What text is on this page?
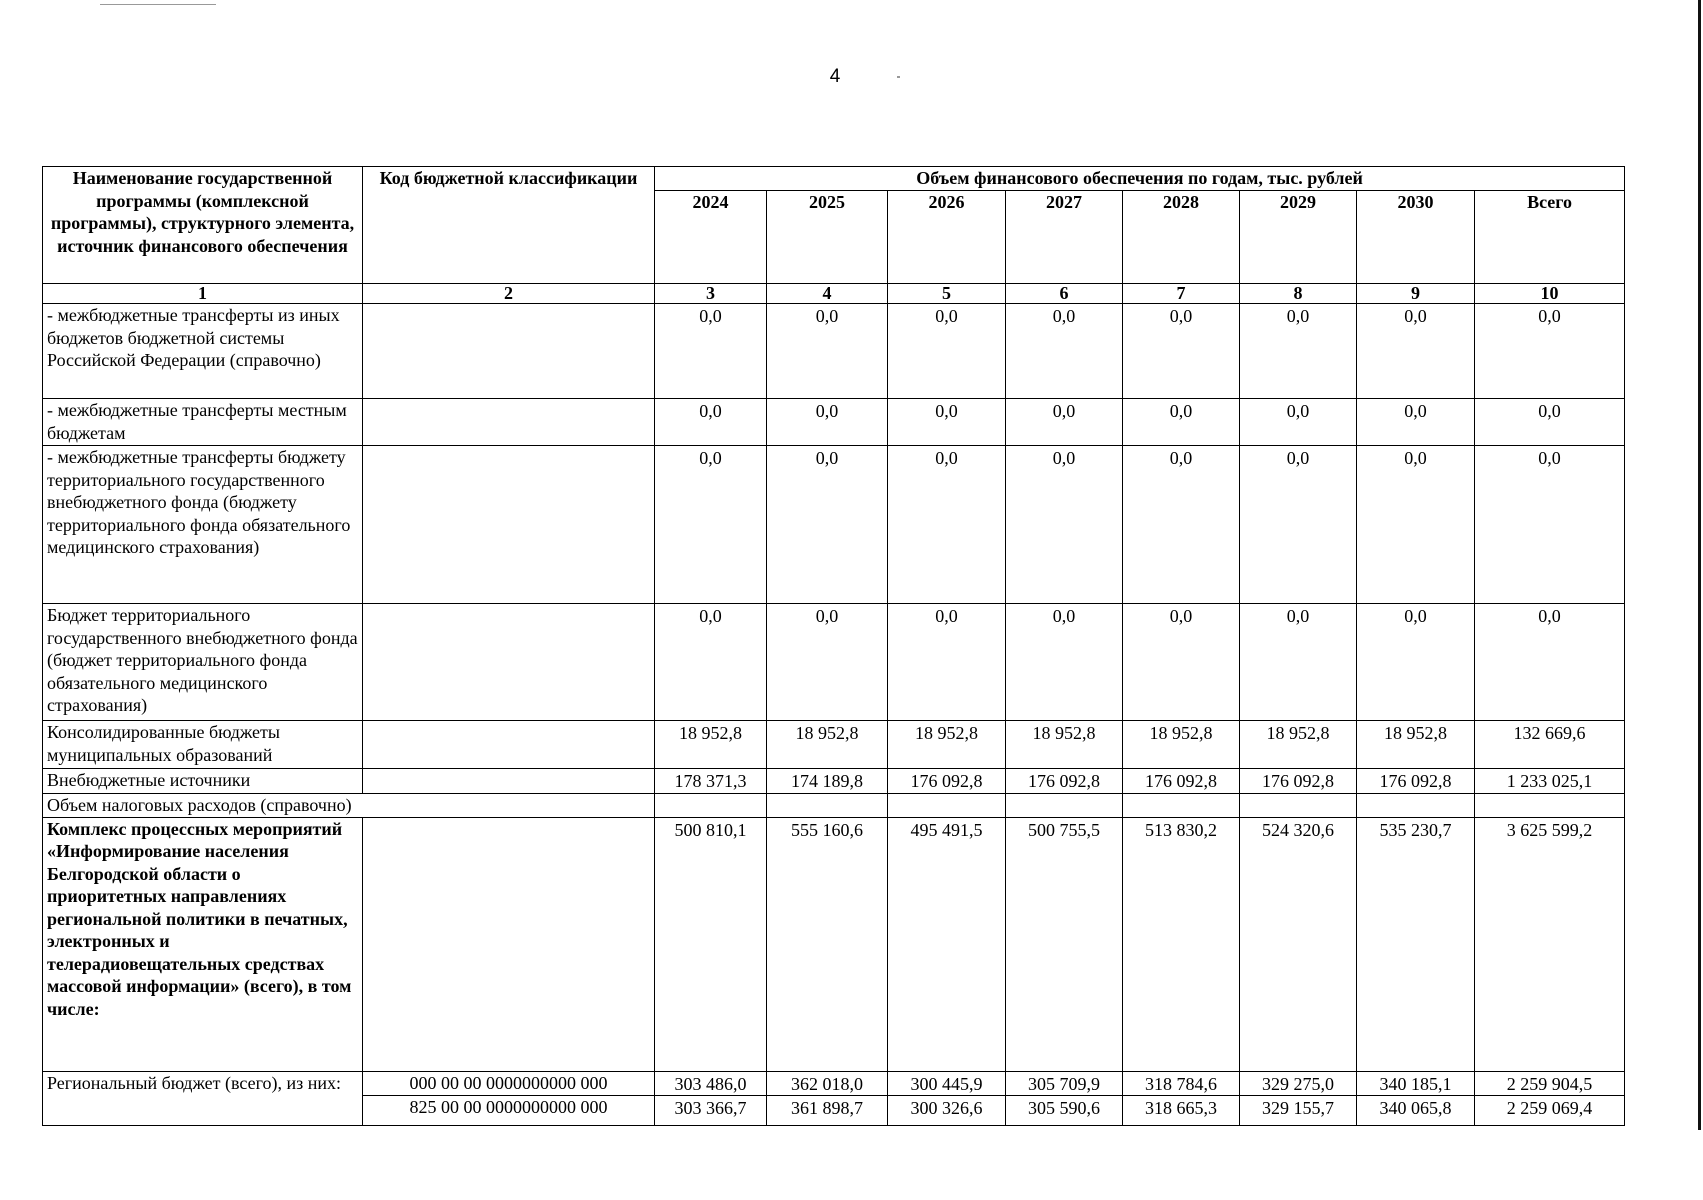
4
Наименование государственной программы (комплексной программы), структурного элемента, источник финансового обеспечения	Код бюджетной классификации	Объем финансового обеспечения по годам, тыс. рублей							
		2024	2025	2026	2027	2028	2029	2030	Всего
1	2	3	4	5	6	7	8	9	10
- межбюджетные трансферты из иных бюджетов бюджетной системы Российской Федерации (справочно)		0,0	0,0	0,0	0,0	0,0	0,0	0,0	0,0
- межбюджетные трансферты местным бюджетам		0,0	0,0	0,0	0,0	0,0	0,0	0,0	0,0
- межбюджетные трансферты бюджету территориального государственного внебюджетного фонда (бюджету территориального фонда обязательного медицинского страхования)		0,0	0,0	0,0	0,0	0,0	0,0	0,0	0,0
Бюджет территориального государственного внебюджетного фонда (бюджет территориального фонда обязательного медицинского страхования)		0,0	0,0	0,0	0,0	0,0	0,0	0,0	0,0
Консолидированные бюджеты муниципальных образований		18 952,8	18 952,8	18 952,8	18 952,8	18 952,8	18 952,8	18 952,8	132 669,6
Внебюджетные источники		178 371,3	174 189,8	176 092,8	176 092,8	176 092,8	176 092,8	176 092,8	1 233 025,1
Объем налоговых расходов (справочно)									
Комплекс процессных мероприятий «Информирование населения Белгородской области о приоритетных направлениях региональной политики в печатных, электронных и телерадиовещательных средствах массовой информации» (всего), в том числе:		500 810,1	555 160,6	495 491,5	500 755,5	513 830,2	524 320,6	535 230,7	3 625 599,2
Региональный бюджет (всего), из них:	000 00 00 0000000000 000	303 486,0	362 018,0	300 445,9	305 709,9	318 784,6	329 275,0	340 185,1	2 259 904,5
	825 00 00 0000000000 000	303 366,7	361 898,7	300 326,6	305 590,6	318 665,3	329 155,7	340 065,8	2 259 069,4
